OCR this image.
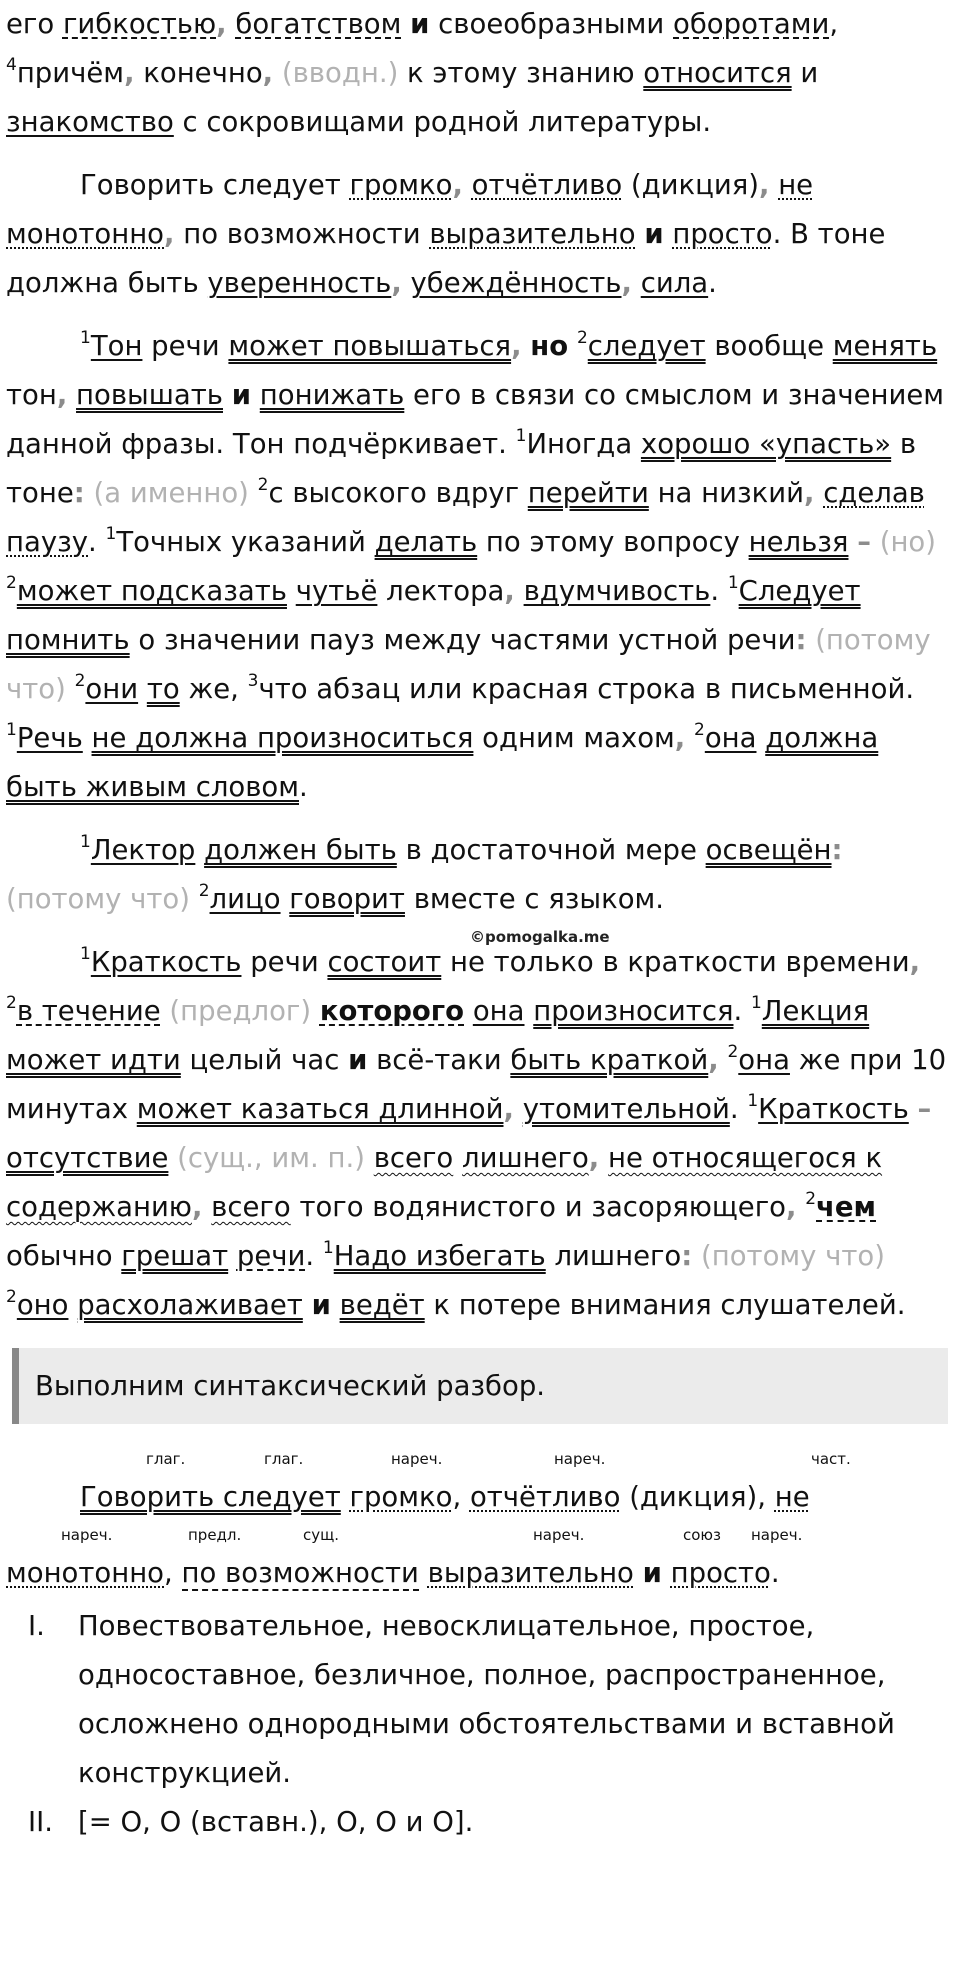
его гибкостью, богатством и своеобразными оборотами, $^4$причём, конечно, (вводн.) к этому знанию относится и знакомство с сокровищами родной литературы.

Говорить следует громко, отчётливо (дикция), не монотонно, по возможности выразительно и просто. В тоне должна быть уверенность, убеждённость, сила.

$^1$Тон речи может повышаться, но $^2$следует вообще менять тон, повышать и понижать его в связи со смыслом и значением данной фразы. Тон подчёркивает. $^1$Иногда хорошо «упасть» в тоне: (а именно) $^2$с высокого вдруг перейти на низкий, сделав паузу. $^1$Точных указаний делать по этому вопросу нельзя – (но) $^2$может подсказать чутьё лектора, вдумчивость. $^1$Следует помнить о значении пауз между частями устной речи: (потому что) $^2$они то же, $^3$что абзац или красная строка в письменной. $^1$Речь не должна произноситься одним махом, $^2$она должна быть живым словом.

$^1$Лектор должен быть в достаточной мере освещён: (потому что) $^2$лицо говорит вместе с языком.

$^1$Краткость речи состоит не только в краткости времени, $^2$в течение (предлог) которого она произносится. $^1$Лекция может идти целый час и всё-таки быть краткой, $^2$она же при 10 минутах может казаться длинной, утомительной. $^1$Краткость – отсутствие (сущ., им. п.) всего лишнего, не относящегося к содержанию, всего того водянистого и засоряющего, $^2$чем обычно грешат речи. $^1$Надо избегать лишнего: (потому что) $^2$оно расхолаживает и ведёт к потере внимания слушателей.

©pomogalka.me
Выполним синтаксический разбор.
глаг.	глаг.	нареч.	нареч.	част.

Говорить следует громко, отчётливо (дикция), не

нареч.	предл.	сущ.	нареч.	союз нареч.

монотонно, по возможности выразительно и просто.

I. Повествовательное, невосклицательное, простое, односоставное, безличное, полное, распространенное, осложнено однородными обстоятельствами и вставной конструкцией.
II. [= О, О (вставн.), О, О и О].
